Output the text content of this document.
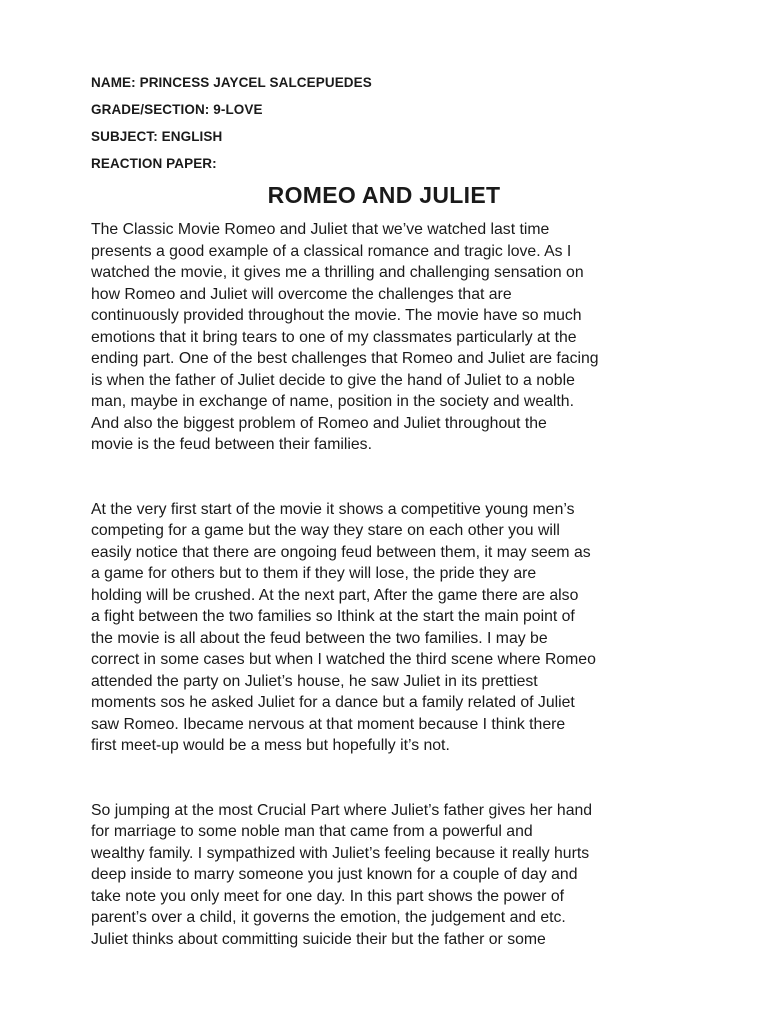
NAME: PRINCESS JAYCEL SALCEPUEDES
GRADE/SECTION: 9-LOVE
SUBJECT: ENGLISH
REACTION PAPER:
ROMEO AND JULIET
The Classic Movie Romeo and Juliet that we’ve watched last time
presents a good example of a classical romance and tragic love. As I
watched the movie, it gives me a thrilling and challenging sensation on
how Romeo and Juliet will overcome the challenges that are
continuously provided throughout the movie. The movie have so much
emotions that it bring tears to one of my classmates particularly at the
ending part. One of the best challenges that Romeo and Juliet are facing
is when the father of Juliet decide to give the hand of Juliet to a noble
man, maybe in exchange of name, position in the society and wealth.
And also the biggest problem of Romeo and Juliet throughout the
movie is the feud between their families.
At the very first start of the movie it shows a competitive young men’s
competing for a game but the way they stare on each other you will
easily notice that there are ongoing feud between them, it may seem as
a game for others but to them if they will lose, the pride they are
holding will be crushed. At the next part, After the game there are also
a fight between the two families so Ithink at the start the main point of
the movie is all about the feud between the two families. I may be
correct in some cases but when I watched the third scene where Romeo
attended the party on Juliet’s house, he saw Juliet in its prettiest
moments sos he asked Juliet for a dance but a family related of Juliet
saw Romeo. Ibecame nervous at that moment because I think there
first meet-up would be a mess but hopefully it’s not.
So jumping at the most Crucial Part where Juliet’s father gives her hand
for marriage to some noble man that came from a powerful and
wealthy family. I sympathized with Juliet’s feeling because it really hurts
deep inside to marry someone you just known for a couple of day and
take note you only meet for one day. In this part shows the power of
parent’s over a child, it governs the emotion, the judgement and etc.
Juliet thinks about committing suicide their but the father or some
